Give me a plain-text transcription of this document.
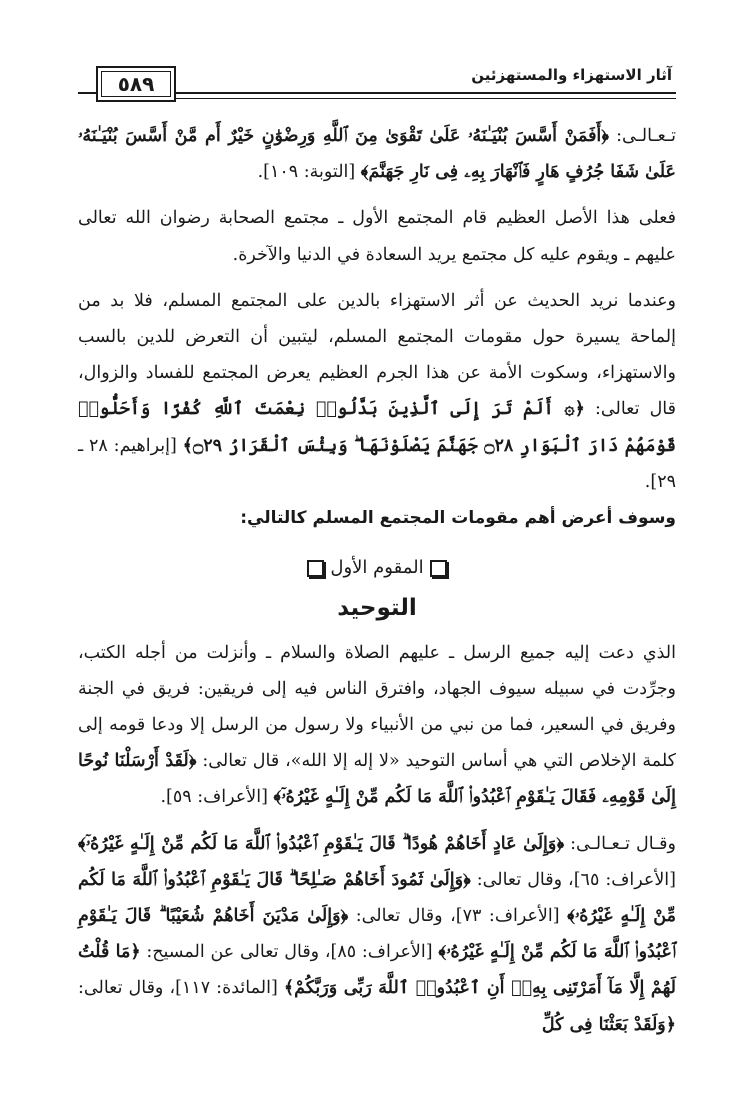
٥٨٩	آثار الاستهزاء والمستهزئين

تـعـالـى: ﴿أَفَمَنْ أَسَّسَ بُنْيَـٰنَهُۥ عَلَىٰ تَقْوَىٰ مِنَ ٱللَّهِ وَرِضْوَٰنٍ خَيْرٌ أَم مَّنْ أَسَّسَ بُنْيَـٰنَهُۥ عَلَىٰ شَفَا جُرُفٍ هَارٍ فَٱنْهَارَ بِهِۦ فِى نَارِ جَهَنَّمَ﴾ [التوبة: ١٠٩].

فعلى هذا الأصل العظيم قام المجتمع الأول ـ مجتمع الصحابة رضوان الله تعالى عليهم ـ ويقوم عليه كل مجتمع يريد السعادة في الدنيا والآخرة.

وعندما نريد الحديث عن أثر الاستهزاء بالدين على المجتمع المسلم، فلا بد من إلماحة يسيرة حول مقومات المجتمع المسلم، ليتبين أن التعرض للدين بالسب والاستهزاء، وسكوت الأمة عن هذا الجرم العظيم يعرض المجتمع للفساد والزوال، قال تعالى: ﴿۞ أَلَمْ تَرَ إِلَى ٱلَّذِينَ بَدَّلُوا۟ نِعْمَتَ ٱللَّهِ كُفْرًا وَأَحَلُّوا۟ قَوْمَهُمْ دَارَ ٱلْبَوَارِ ۝٢٨ جَهَنَّمَ يَصْلَوْنَهَا ۖ وَبِئْسَ ٱلْقَرَارُ ۝٢٩﴾ [إبراهيم: ٢٨ ـ ٢٩].

وسوف أعرض أهم مقومات المجتمع المسلم كالتالي:

المقوم الأول

التوحيد

الذي دعت إليه جميع الرسل ـ عليهم الصلاة والسلام ـ وأنزلت من أجله الكتب، وجرِّدت في سبيله سيوف الجهاد، وافترق الناس فيه إلى فريقين: فريق في الجنة وفريق في السعير، فما من نبي من الأنبياء ولا رسول من الرسل إلا ودعا قومه إلى كلمة الإخلاص التي هي أساس التوحيد «لا إله إلا الله»، قال تعالى: ﴿لَقَدْ أَرْسَلْنَا نُوحًا إِلَىٰ قَوْمِهِۦ فَقَالَ يَـٰقَوْمِ ٱعْبُدُوا۟ ٱللَّهَ مَا لَكُم مِّنْ إِلَـٰهٍ غَيْرُهُۥٓ﴾ [الأعراف: ٥٩].

وقـال تـعـالـى: ﴿وَإِلَىٰ عَادٍ أَخَاهُمْ هُودًا ۗ قَالَ يَـٰقَوْمِ ٱعْبُدُوا۟ ٱللَّهَ مَا لَكُم مِّنْ إِلَـٰهٍ غَيْرُهُۥٓ﴾ [الأعراف: ٦٥]، وقال تعالى: ﴿وَإِلَىٰ ثَمُودَ أَخَاهُمْ صَـٰلِحًا ۗ قَالَ يَـٰقَوْمِ ٱعْبُدُوا۟ ٱللَّهَ مَا لَكُم مِّنْ إِلَـٰهٍ غَيْرُهُۥ﴾ [الأعراف: ٧٣]، وقال تعالى: ﴿وَإِلَىٰ مَدْيَنَ أَخَاهُمْ شُعَيْبًا ۗ قَالَ يَـٰقَوْمِ ٱعْبُدُوا۟ ٱللَّهَ مَا لَكُم مِّنْ إِلَـٰهٍ غَيْرُهُۥ﴾ [الأعراف: ٨٥]، وقال تعالى عن المسيح: ﴿مَا قُلْتُ لَهُمْ إِلَّا مَآ أَمَرْتَنِى بِهِۦٓ أَنِ ٱعْبُدُوا۟ ٱللَّهَ رَبِّى وَرَبَّكُمْ﴾ [المائدة: ١١٧]، وقال تعالى: ﴿وَلَقَدْ بَعَثْنَا فِى كُلِّ
